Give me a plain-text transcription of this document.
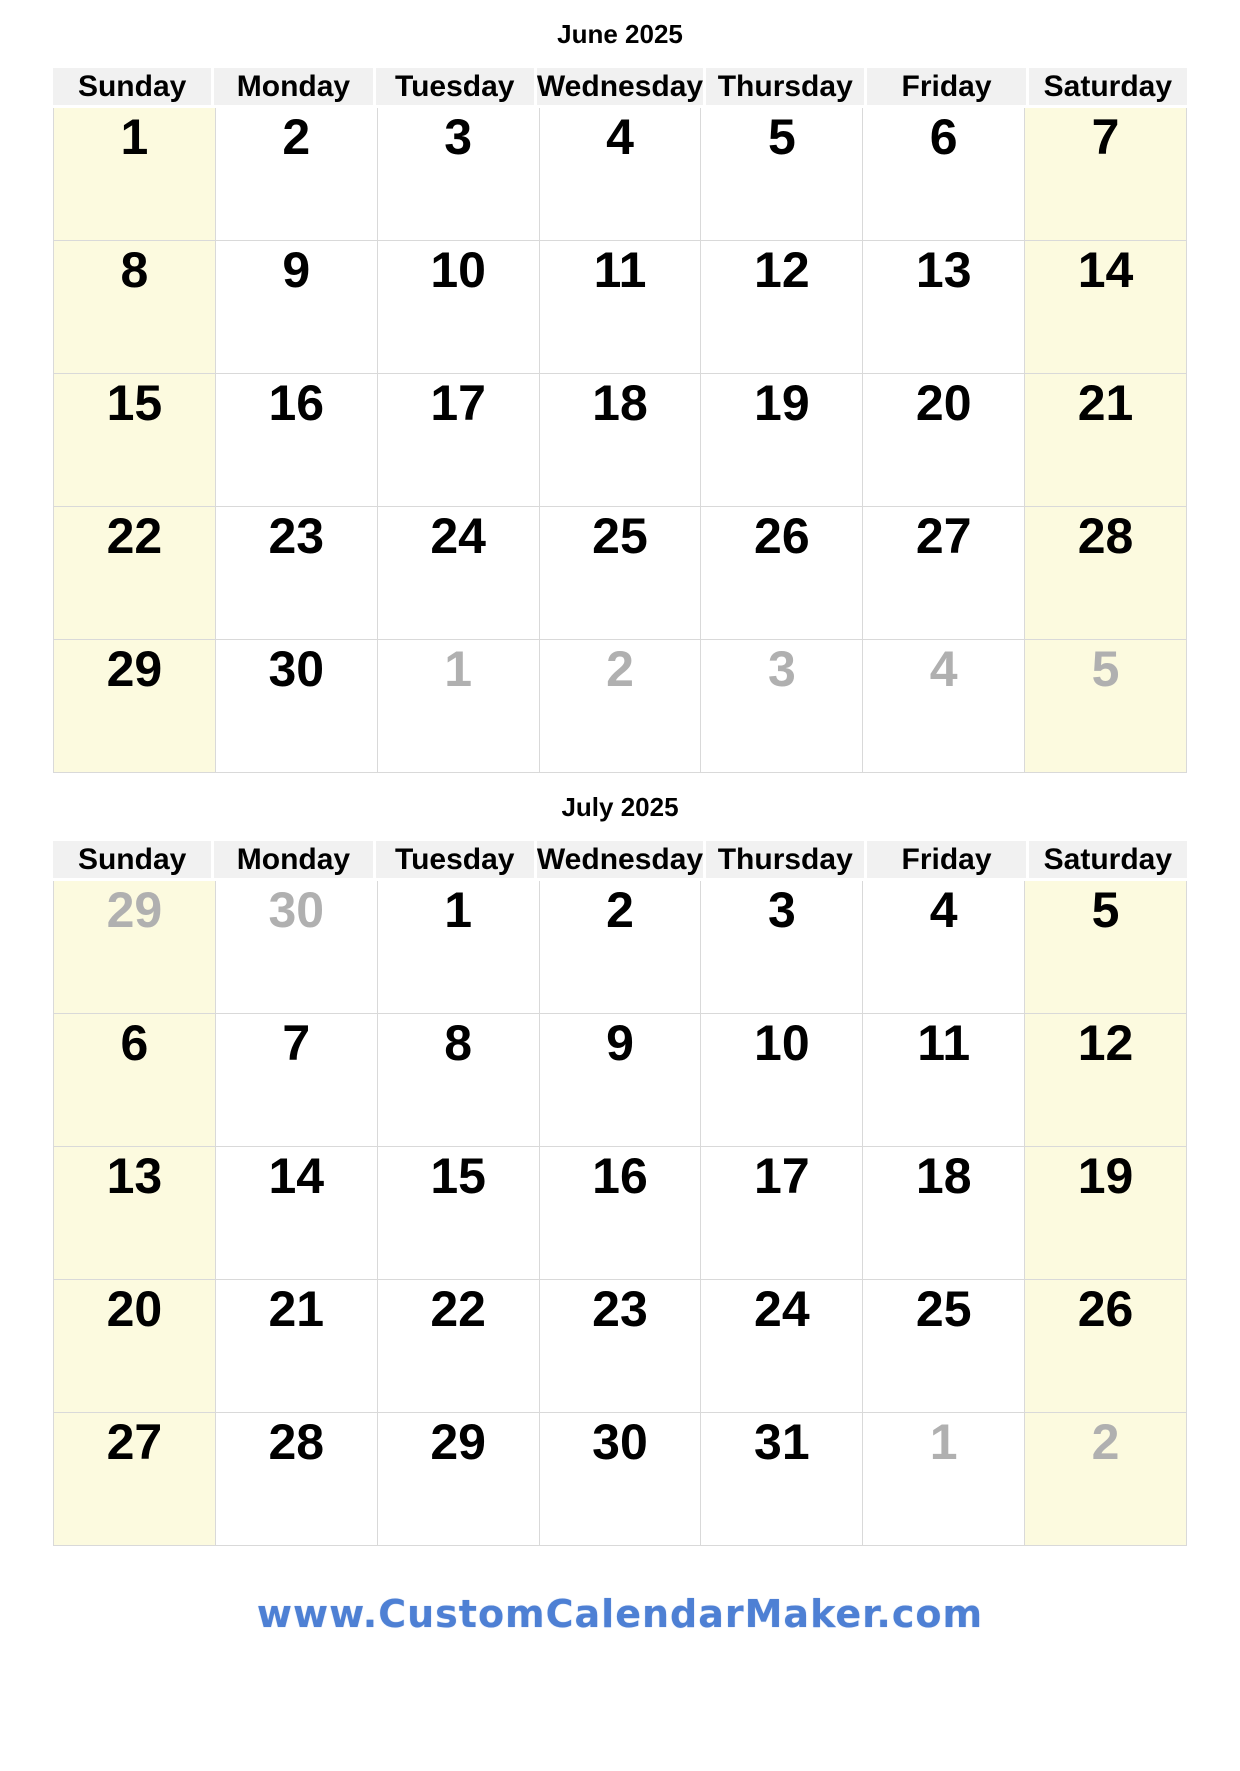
June 2025
Sunday	Monday	Tuesday Wednesday Thursday	Friday	Saturday
1	2	3	4	5	6	7
8	9	10	11	12	13	14
15	16	17	18	19	20	21
22	23	24	25	26	27	28
29	30	1	2	3	4	5
July 2025
Sunday	Monday	Tuesday Wednesday Thursday	Friday	Saturday
29	30	1	2	3	4	5
6	7	8	9	10	11	12
13	14	15	16	17	18	19
20	21	22	23	24	25	26
27	28	29	30	31	1	2
www.CustomCalendarMaker.com
